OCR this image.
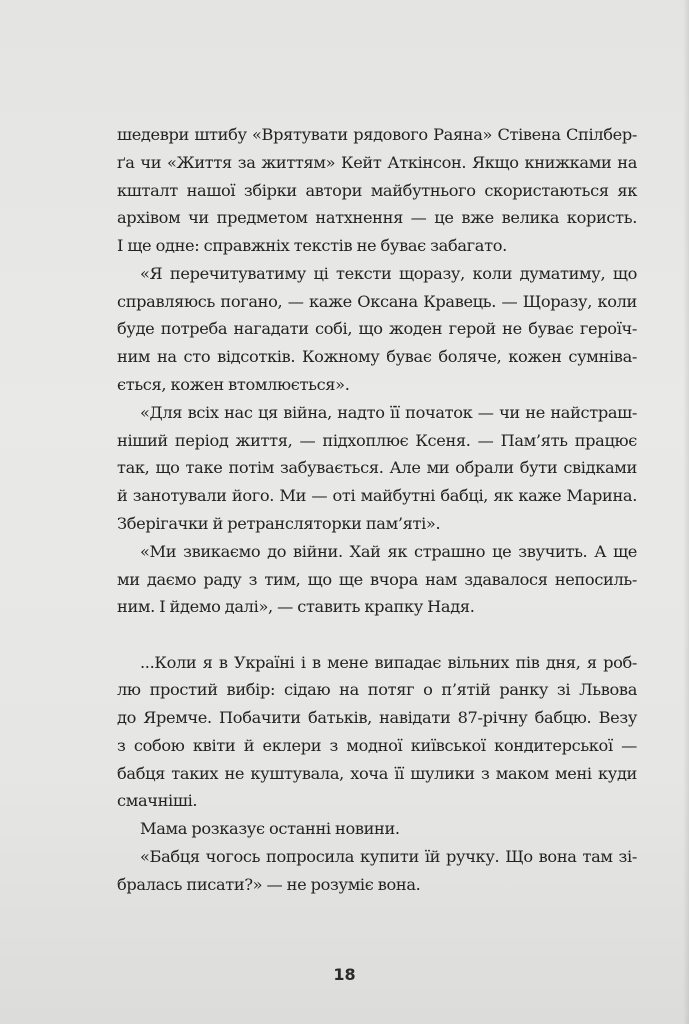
шедеври штибу «Врятувати рядового Раяна» Стівена Спілбер-
ґа чи «Життя за життям» Кейт Аткінсон. Якщо книжками на
кшталт нашої збірки автори майбутнього скористаються як
архівом чи предметом натхнення — це вже велика користь.
І ще одне: справжніх текстів не буває забагато.
«Я перечитуватиму ці тексти щоразу, коли думатиму, що
справляюсь погано, — каже Оксана Кравець. — Щоразу, коли
буде потреба нагадати собі, що жоден герой не буває героїч-
ним на сто відсотків. Кожному буває боляче, кожен сумніва-
ється, кожен втомлюється».
«Для всіх нас ця війна, надто її початок — чи не найстраш-
ніший період життя, — підхоплює Ксеня. — Пам’ять працює
так, що таке потім забувається. Але ми обрали бути свідками
й занотували його. Ми — оті майбутні бабці, як каже Марина.
Зберігачки й ретрансляторки пам’яті».
«Ми звикаємо до війни. Хай як страшно це звучить. А ще
ми даємо раду з тим, що ще вчора нам здавалося непосиль-
ним. І йдемо далі», — ставить крапку Надя.
...Коли я в Україні і в мене випадає вільних пів дня, я роб-
лю простий вибір: сідаю на потяг о п’ятій ранку зі Львова
до Яремче. Побачити батьків, навідати 87-річну бабцю. Везу
з собою квіти й еклери з модної київської кондитерської —
бабця таких не куштувала, хоча її шулики з маком мені куди
смачніші.
Мама розказує останні новини.
«Бабця чогось попросила купити їй ручку. Що вона там зі-
бралась писати?» — не розуміє вона.
18
